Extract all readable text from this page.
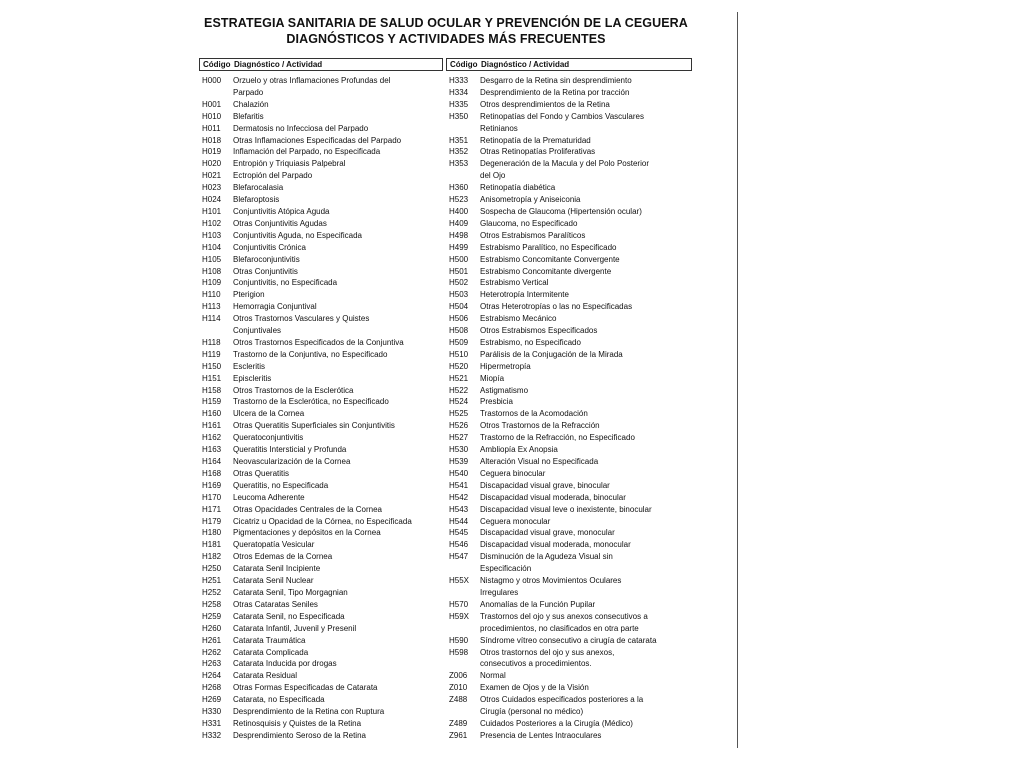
ESTRATEGIA SANITARIA DE SALUD OCULAR Y PREVENCIÓN DE LA CEGUERA
DIAGNÓSTICOS Y ACTIVIDADES MÁS FRECUENTES
Código Diagnóstico / Actividad
H000	Orzuelo y otras Inflamaciones Profundas del
Parpado
H001	Chalazión
H010	Blefaritis
H011	Dermatosis no Infecciosa del Parpado
H018	Otras Inflamaciones Especificadas del Parpado
H019	Inflamación del Parpado, no Especificada
H020	Entropión y Triquiasis Palpebral
H021	Ectropión del Parpado
H023	Blefarocalasia
H024	Blefaroptosis
H101	Conjuntivitis Atópica Aguda
H102	Otras Conjuntivitis Agudas
H103	Conjuntivitis Aguda, no Especificada
H104	Conjuntivitis Crónica
H105	Blefaroconjuntivitis
H108	Otras Conjuntivitis
H109	Conjuntivitis, no Especificada
H110	Pterigion
H113	Hemorragia Conjuntival
H114	Otros Trastornos Vasculares y Quistes
Conjuntivales
H118	Otros Trastornos Especificados de la Conjuntiva
H119	Trastorno de la Conjuntiva, no Especificado
H150	Escleritis
H151	Episcleritis
H158	Otros Trastornos de la Esclerótica
H159	Trastorno de la Esclerótica, no Especificado
H160	Ulcera de la Cornea
H161	Otras Queratitis Superficiales sin Conjuntivitis
H162	Queratoconjuntivitis
H163	Queratitis Intersticial y Profunda
H164	Neovascularización de la Cornea
H168	Otras Queratitis
H169	Queratitis, no Especificada
H170	Leucoma Adherente
H171	Otras Opacidades Centrales de la Cornea
H179	Cicatriz u Opacidad de la Córnea, no Especificada
H180	Pigmentaciones y depósitos en la Cornea
H181	Queratopatía Vesicular
H182	Otros Edemas de la Cornea
H250	Catarata Senil Incipiente
H251	Catarata Senil Nuclear
H252	Catarata Senil, Tipo Morgagnian
H258	Otras Cataratas Seniles
H259	Catarata Senil, no Especificada
H260	Catarata Infantil, Juvenil y Presenil
H261	Catarata Traumática
H262	Catarata Complicada
H263	Catarata Inducida por drogas
H264	Catarata Residual
H268	Otras Formas Especificadas de Catarata
H269	Catarata, no Especificada
H330	Desprendimiento de la Retina con Ruptura
H331	Retinosquisis y Quistes de la Retina
H332	Desprendimiento Seroso de la Retina
Código Diagnóstico / Actividad
H333	Desgarro de la Retina sin desprendimiento
H334	Desprendimiento de la Retina por tracción
H335	Otros desprendimientos de la Retina
H350	Retinopatías del Fondo y Cambios Vasculares
Retinianos
H351	Retinopatía de la Prematuridad
H352	Otras Retinopatías Proliferativas
H353	Degeneración de la Macula y del Polo Posterior
del Ojo
H360	Retinopatía diabética
H523	Anisometropía y Aniseiconia
H400	Sospecha de Glaucoma (Hipertensión ocular)
H409	Glaucoma, no Especificado
H498	Otros Estrabismos Paralíticos
H499	Estrabismo Paralítico, no Especificado
H500	Estrabismo Concomitante Convergente
H501	Estrabismo Concomitante divergente
H502	Estrabismo Vertical
H503	Heterotropía Intermitente
H504	Otras Heterotropías o las no Especificadas
H506	Estrabismo Mecánico
H508	Otros Estrabismos Especificados
H509	Estrabismo, no Especificado
H510	Parálisis de la Conjugación de la Mirada
H520	Hipermetropía
H521	Miopía
H522	Astigmatismo
H524	Presbicia
H525	Trastornos de la Acomodación
H526	Otros Trastornos de la Refracción
H527	Trastorno de la Refracción, no Especificado
H530	Ambliopía Ex Anopsia
H539	Alteración Visual no Especificada
H540	Ceguera binocular
H541	Discapacidad visual grave, binocular
H542	Discapacidad visual moderada, binocular
H543	Discapacidad visual leve o inexistente, binocular
H544	Ceguera monocular
H545	Discapacidad visual grave, monocular
H546	Discapacidad visual moderada, monocular
H547	Disminución de la Agudeza Visual sin
Especificación
H55X	Nistagmo y otros Movimientos Oculares
Irregulares
H570	Anomalías de la Función Pupilar
H59X	Trastornos del ojo y sus anexos consecutivos a
procedimientos, no clasificados en otra parte
H590	Síndrome vítreo consecutivo a cirugía de catarata
H598	Otros trastornos del ojo y sus anexos,
consecutivos a procedimientos.
Z006	Normal
Z010	Examen de Ojos y de la Visión
Z488	Otros Cuidados especificados posteriores a la
Cirugía (personal no médico)
Z489	Cuidados Posteriores a la Cirugía (Médico)
Z961	Presencia de Lentes Intraoculares
